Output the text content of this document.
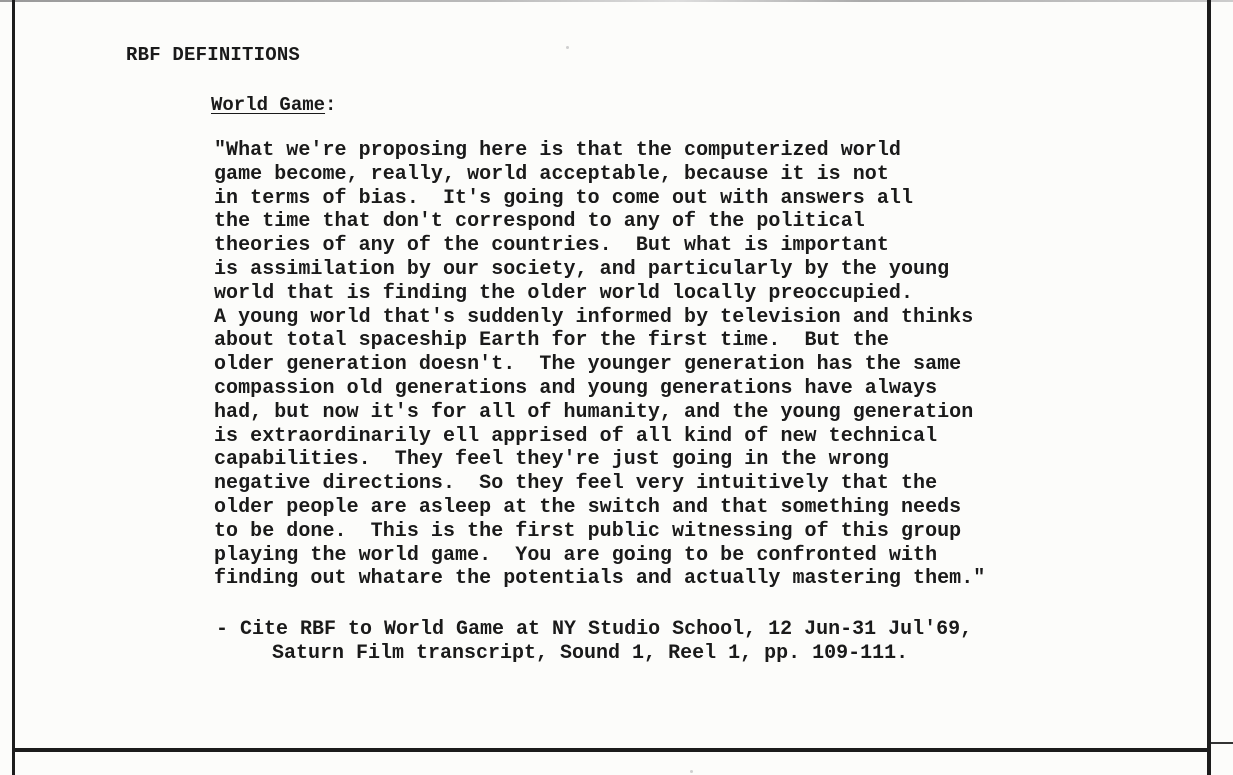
RBF DEFINITIONS
World Game:
"What we're proposing here is that the computerized world
game become, really, world acceptable, because it is not
in terms of bias.  It's going to come out with answers all
the time that don't correspond to any of the political
theories of any of the countries.  But what is important
is assimilation by our society, and particularly by the young
world that is finding the older world locally preoccupied.
A young world that's suddenly informed by television and thinks
about total spaceship Earth for the first time.  But the
older generation doesn't.  The younger generation has the same
compassion old generations and young generations have always
had, but now it's for all of humanity, and the young generation
is extraordinarily ell apprised of all kind of new technical
capabilities.  They feel they're just going in the wrong
negative directions.  So they feel very intuitively that the
older people are asleep at the switch and that something needs
to be done.  This is the first public witnessing of this group
playing the world game.  You are going to be confronted with
finding out whatare the potentials and actually mastering them."
- Cite RBF to World Game at NY Studio School, 12 Jun-31 Jul'69,
Saturn Film transcript, Sound 1, Reel 1, pp. 109-111.
